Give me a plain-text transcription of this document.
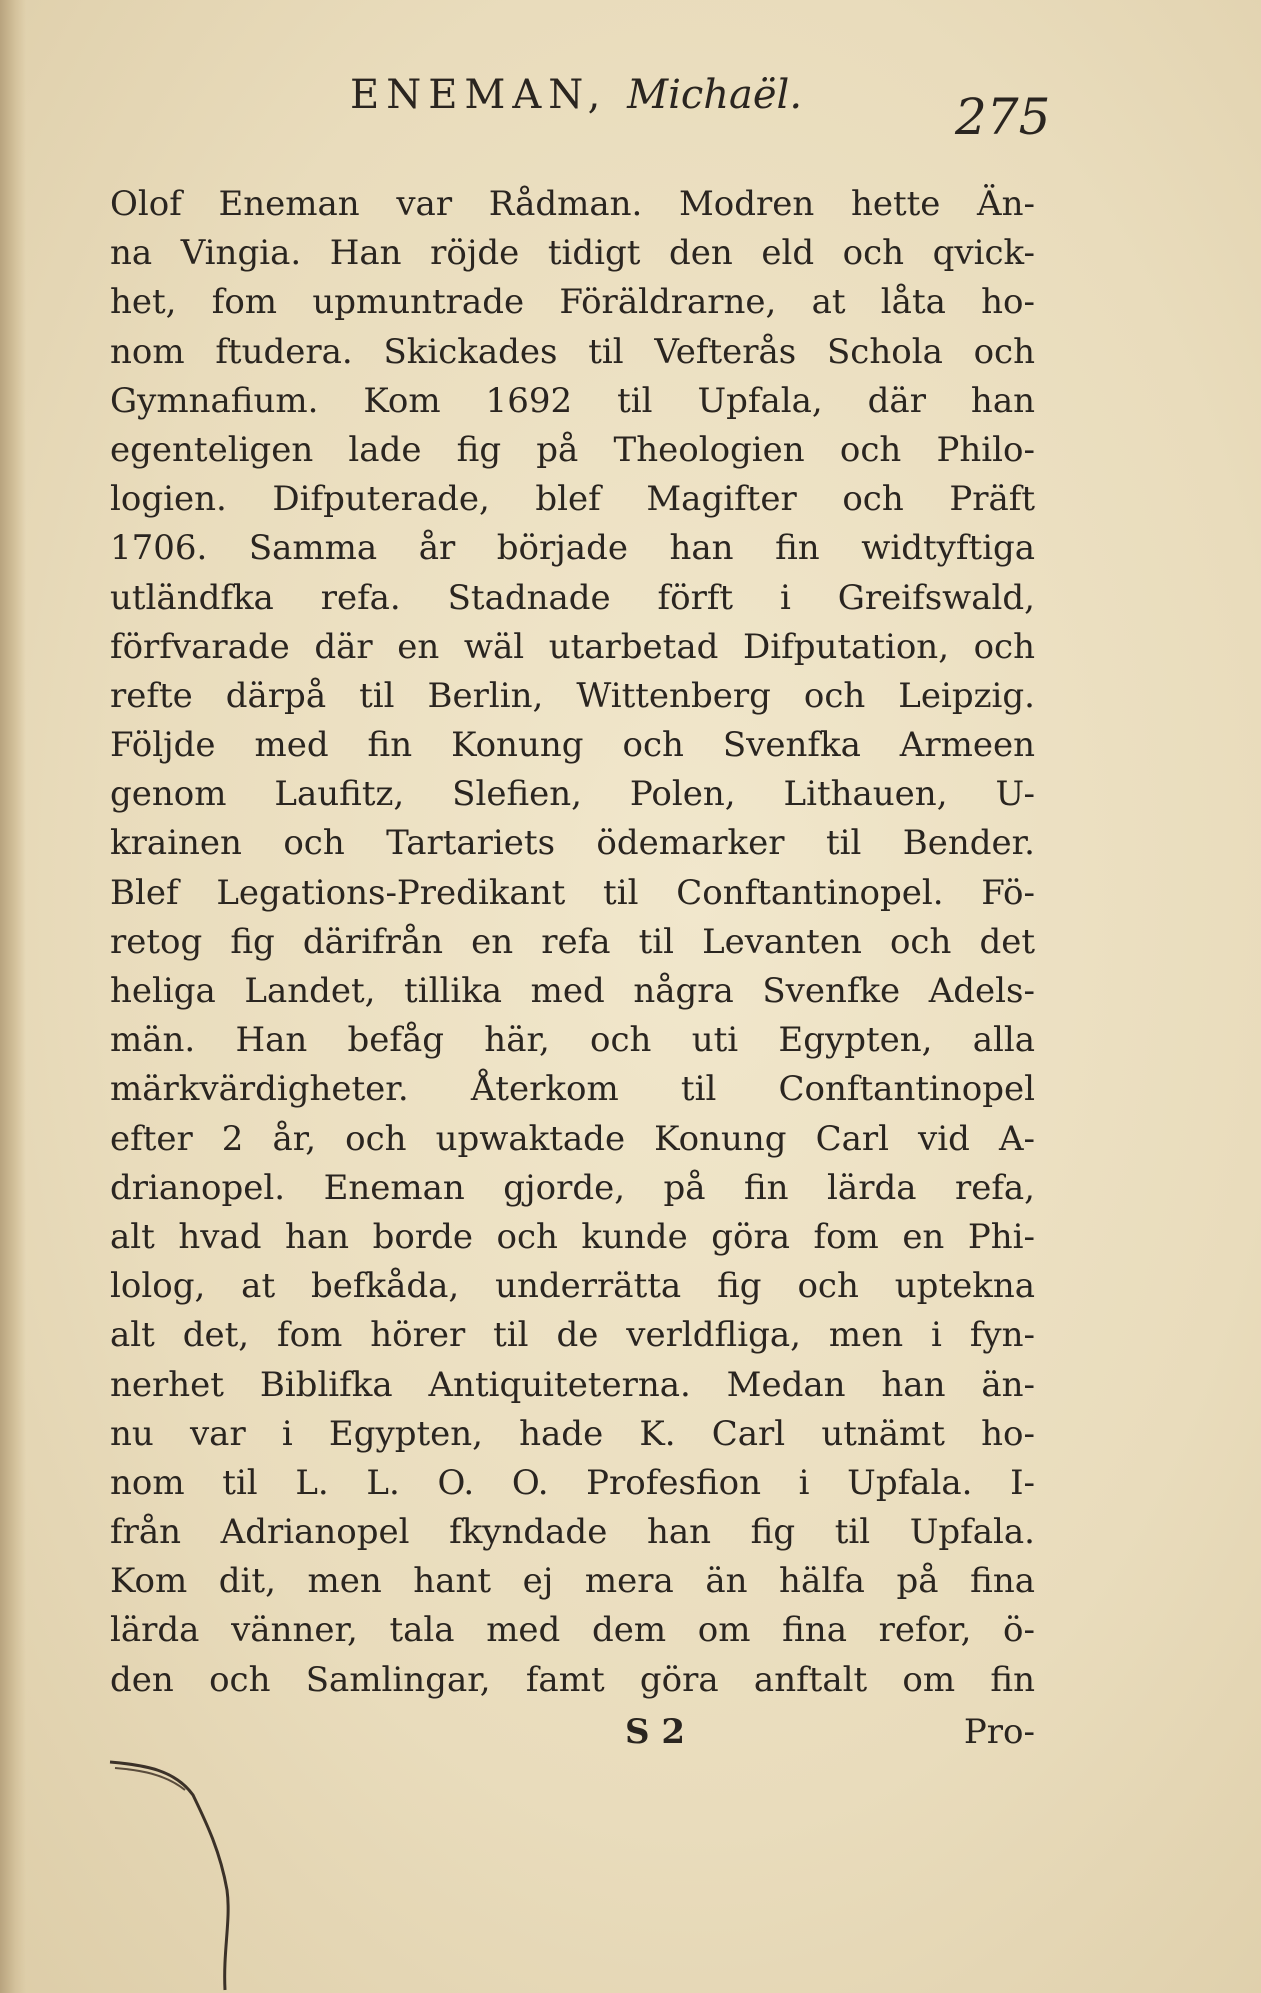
ENEMAN, Michaël.	275
Olof Eneman var Rådman. Modren hette Än-
na Vingia. Han röjde tidigt den eld och qvick-
het, fom upmuntrade Föräldrarne, at låta ho-
nom ftudera. Skickades til Vefterås Schola och
Gymnafium. Kom 1692 til Upfala, där han
egenteligen lade fig på Theologien och Philo-
logien. Difputerade, blef Magifter och Präft
1706. Samma år började han fin widtyftiga
utländfka refa. Stadnade förft i Greifswald,
förfvarade där en wäl utarbetad Difputation, och
refte därpå til Berlin, Wittenberg och Leipzig.
Följde med fin Konung och Svenfka Armeen
genom Laufitz, Slefien, Polen, Lithauen, U-
krainen och Tartariets ödemarker til Bender.
Blef Legations-Predikant til Conftantinopel. Fö-
retog fig därifrån en refa til Levanten och det
heliga Landet, tillika med några Svenfke Adels-
män. Han befåg här, och uti Egypten, alla
märkvärdigheter. Återkom til Conftantinopel
efter 2 år, och upwaktade Konung Carl vid A-
drianopel. Eneman gjorde, på fin lärda refa,
alt hvad han borde och kunde göra fom en Phi-
lolog, at befkåda, underrätta fig och uptekna
alt det, fom hörer til de verldfliga, men i fyn-
nerhet Biblifka Antiquiteterna. Medan han än-
nu var i Egypten, hade K. Carl utnämt ho-
nom til L. L. O. O. Profesfion i Upfala. I-
från Adrianopel fkyndade han fig til Upfala.
Kom dit, men hant ej mera än hälfa på fina
lärda vänner, tala med dem om fina refor, ö-
den och Samlingar, famt göra anftalt om fin
S 2	Pro-
